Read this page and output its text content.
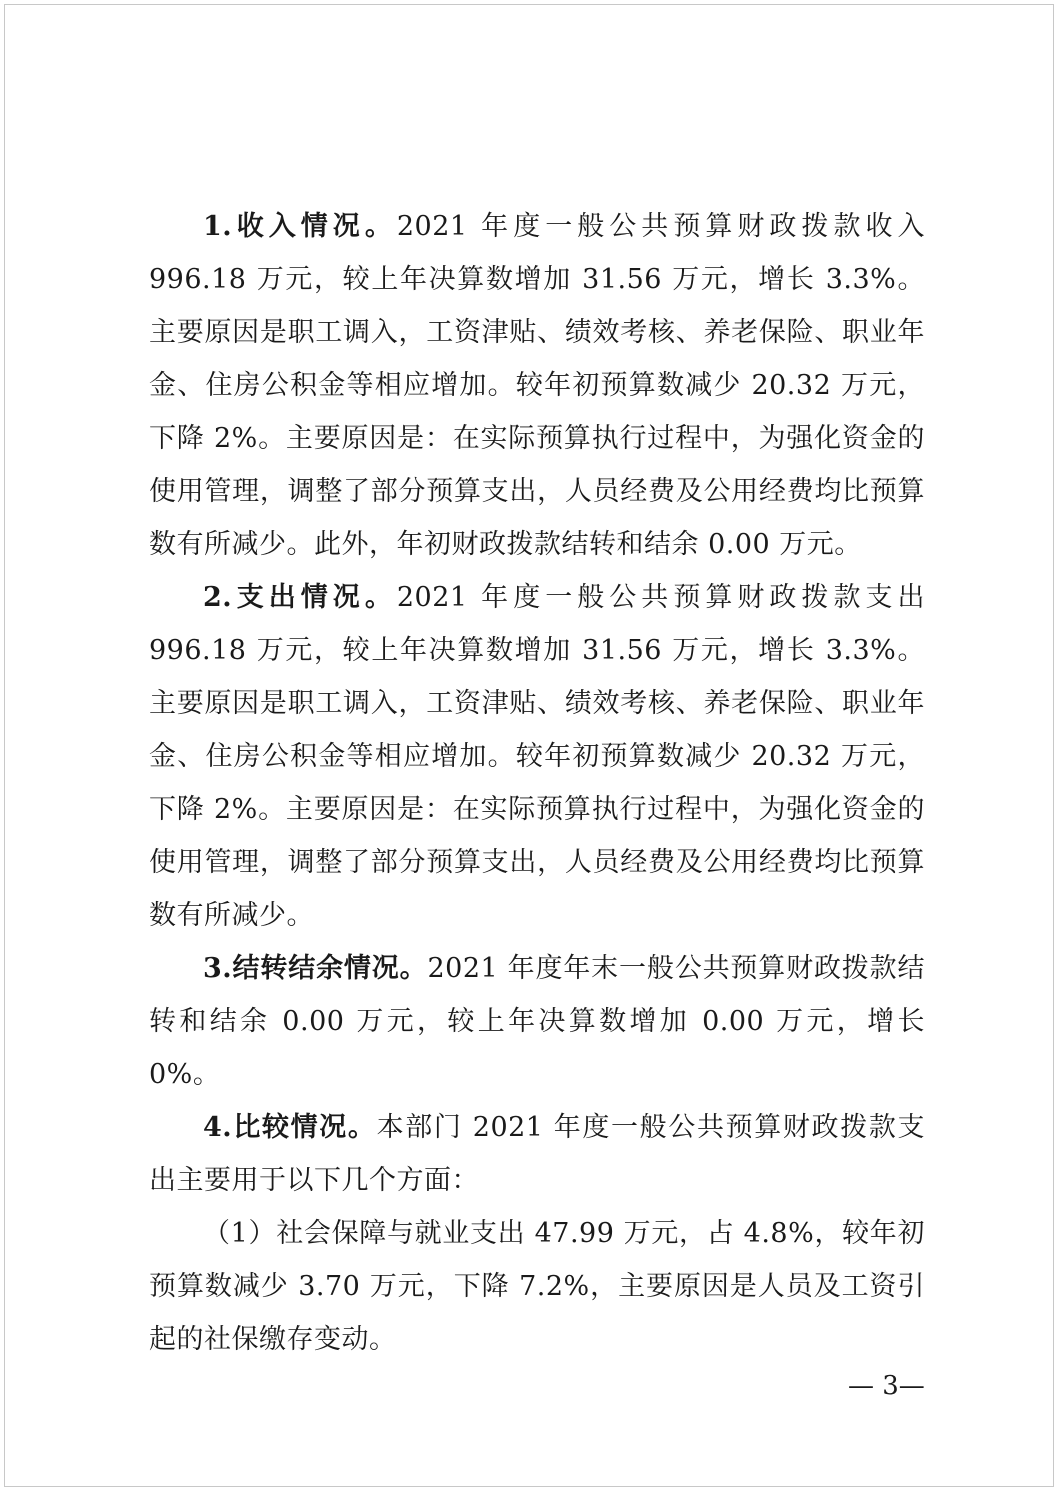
1.收入情况。2021 年度一般公共预算财政拨款收入 996.18 万元，较上年决算数增加 31.56 万元，增长 3.3%。主要原因是职工调入，工资津贴、绩效考核、养老保险、职业年金、住房公积金等相应增加。较年初预算数减少 20.32 万元，下降 2%。主要原因是：在实际预算执行过程中，为强化资金的使用管理，调整了部分预算支出，人员经费及公用经费均比预算数有所减少。此外，年初财政拨款结转和结余 0.00 万元。

2.支出情况。2021 年度一般公共预算财政拨款支出 996.18 万元，较上年决算数增加 31.56 万元，增长 3.3%。主要原因是职工调入，工资津贴、绩效考核、养老保险、职业年金、住房公积金等相应增加。较年初预算数减少 20.32 万元，下降 2%。主要原因是：在实际预算执行过程中，为强化资金的使用管理，调整了部分预算支出，人员经费及公用经费均比预算数有所减少。

3.结转结余情况。2021 年度年末一般公共预算财政拨款结转和结余 0.00 万元，较上年决算数增加 0.00 万元，增长 0%。

4.比较情况。本部门 2021 年度一般公共预算财政拨款支出主要用于以下几个方面：

（1）社会保障与就业支出 47.99 万元，占 4.8%，较年初预算数减少 3.70 万元，下降 7.2%，主要原因是人员及工资引起的社保缴存变动。

— 3—
